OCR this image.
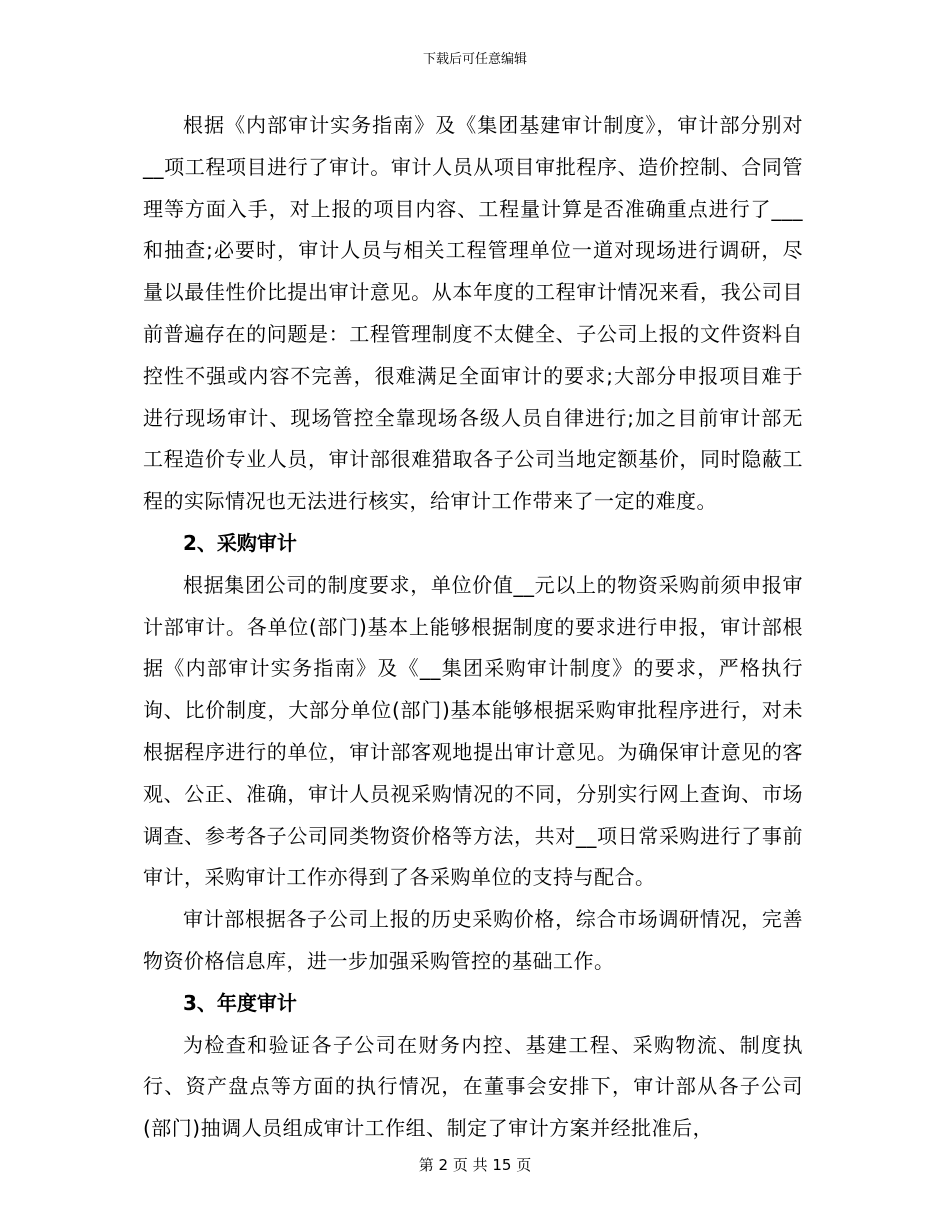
下载后可任意编辑

根据《内部审计实务指南》及《集团基建审计制度》，审计部分别对__项工程项目进行了审计。审计人员从项目审批程序、造价控制、合同管理等方面入手，对上报的项目内容、工程量计算是否准确重点进行了___和抽查;必要时，审计人员与相关工程管理单位一道对现场进行调研，尽量以最佳性价比提出审计意见。从本年度的工程审计情况来看，我公司目前普遍存在的问题是：工程管理制度不太健全、子公司上报的文件资料自控性不强或内容不完善，很难满足全面审计的要求;大部分申报项目难于进行现场审计、现场管控全靠现场各级人员自律进行;加之目前审计部无工程造价专业人员，审计部很难猎取各子公司当地定额基价，同时隐蔽工程的实际情况也无法进行核实，给审计工作带来了一定的难度。

2、采购审计

根据集团公司的制度要求，单位价值__元以上的物资采购前须申报审计部审计。各单位(部门)基本上能够根据制度的要求进行申报，审计部根据《内部审计实务指南》及《__集团采购审计制度》的要求，严格执行询、比价制度，大部分单位(部门)基本能够根据采购审批程序进行，对未根据程序进行的单位，审计部客观地提出审计意见。为确保审计意见的客观、公正、准确，审计人员视采购情况的不同，分别实行网上查询、市场调查、参考各子公司同类物资价格等方法，共对__项日常采购进行了事前审计，采购审计工作亦得到了各采购单位的支持与配合。

审计部根据各子公司上报的历史采购价格，综合市场调研情况，完善物资价格信息库，进一步加强采购管控的基础工作。

3、年度审计

为检查和验证各子公司在财务内控、基建工程、采购物流、制度执行、资产盘点等方面的执行情况，在董事会安排下，审计部从各子公司(部门)抽调人员组成审计工作组、制定了审计方案并经批准后，

第 2 页 共 15 页
